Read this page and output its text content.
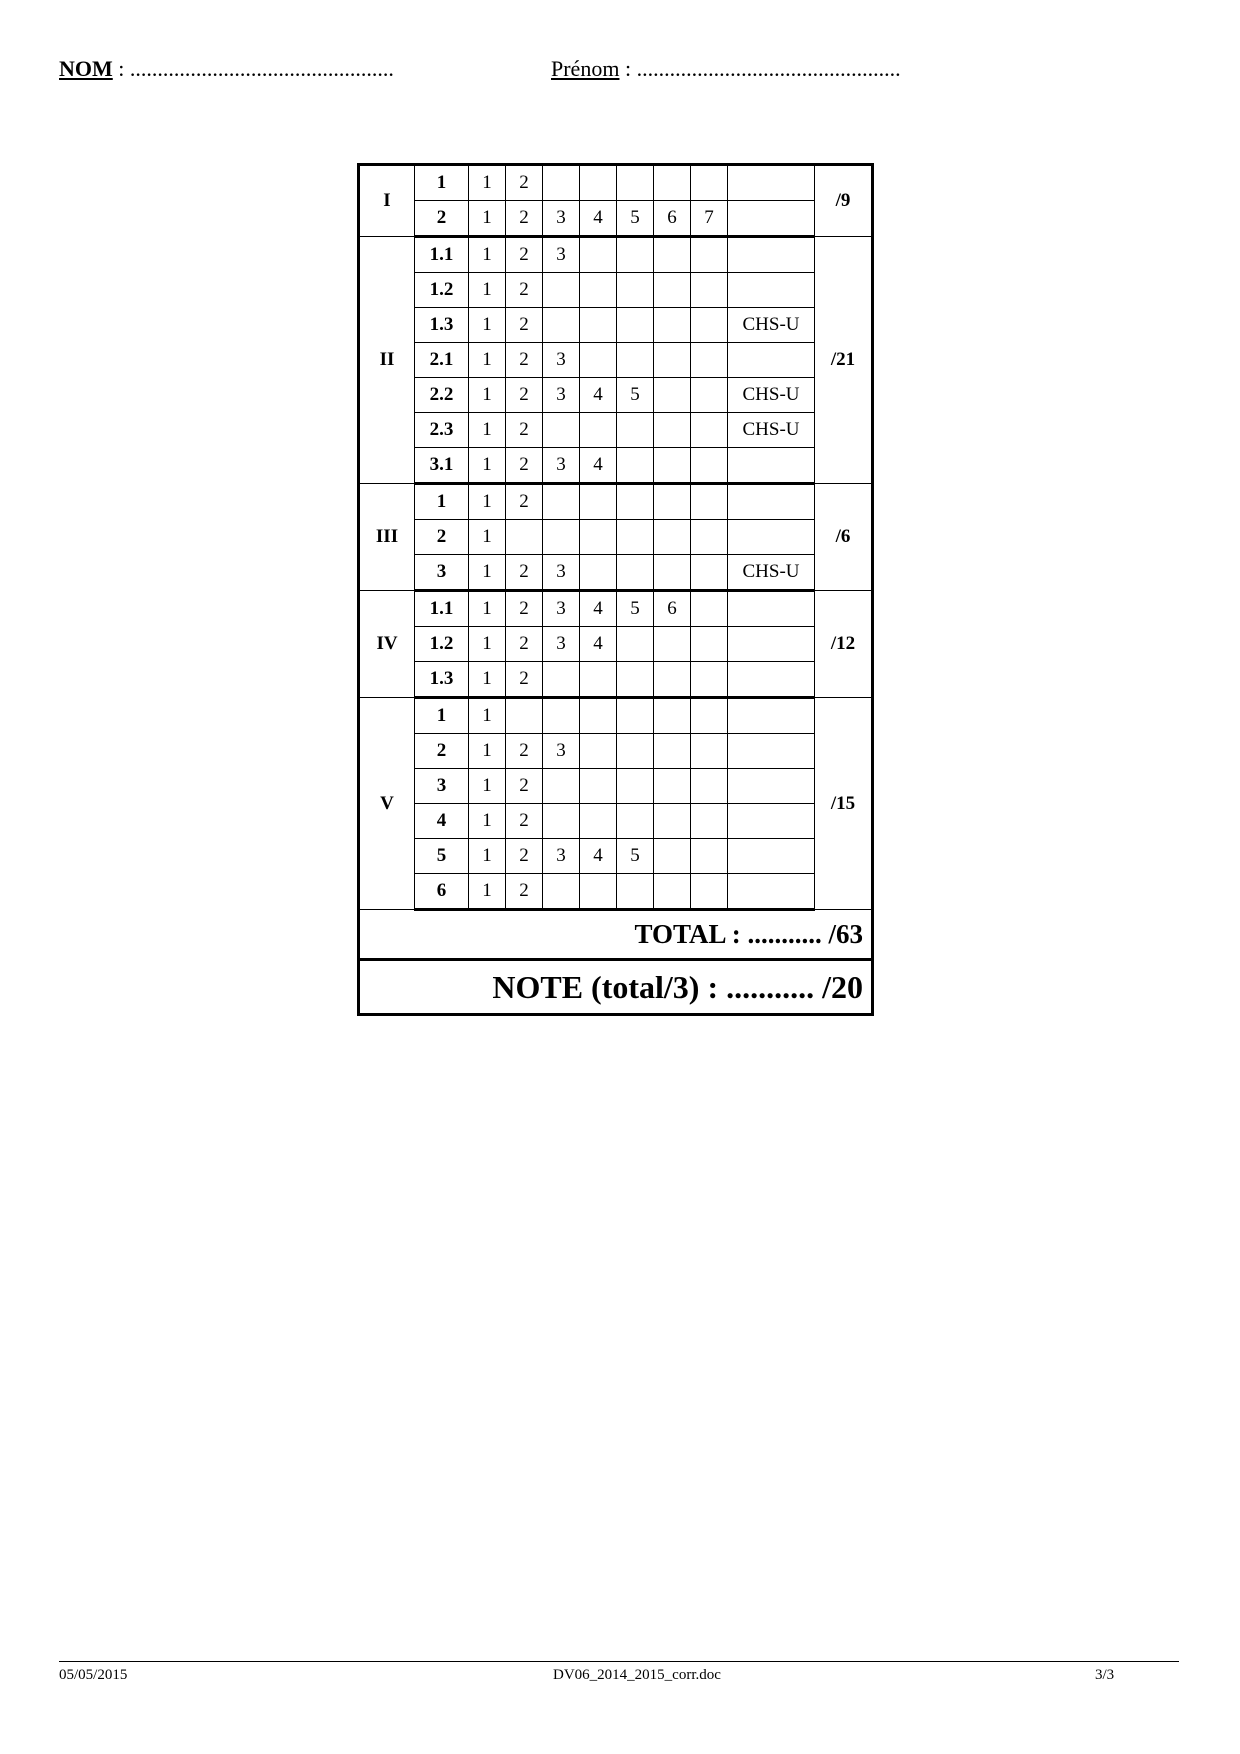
NOM : ................................................	Prénom : ................................................
I	1	1	2							/9
	2	1	2	3	4	5	6	7		
II	1.1	1	2	3						/21
	1.2	1	2							
	1.3	1	2						CHS-U	
	2.1	1	2	3						
	2.2	1	2	3	4	5			CHS-U	
	2.3	1	2						CHS-U	
	3.1	1	2	3	4					
III	1	1	2							/6
	2	1								
	3	1	2	3					CHS-U	
IV	1.1	1	2	3	4	5	6			/12
	1.2	1	2	3	4					
	1.3	1	2							
V	1	1								/15
	2	1	2	3						
	3	1	2							
	4	1	2							
	5	1	2	3	4	5				
	6	1	2							
TOTAL : ........... /63										
NOTE (total/3) : ........... /20										
05/05/2015	DV06_2014_2015_corr.doc	3/3
